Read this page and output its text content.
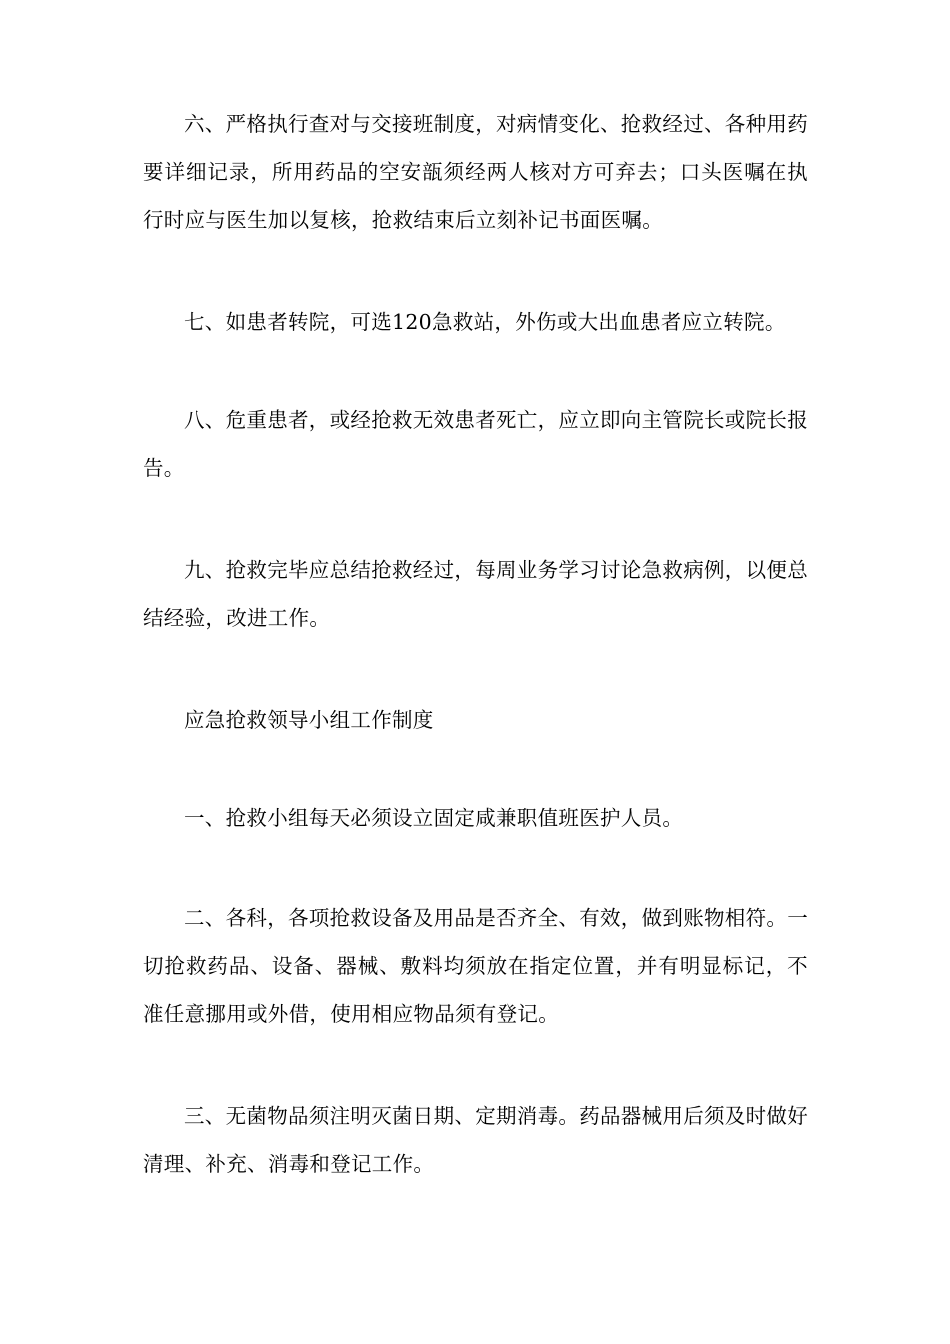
六、严格执行查对与交接班制度，对病情变化、抢救经过、各种用药要详细记录，所用药品的空安瓿须经两人核对方可弃去；口头医嘱在执行时应与医生加以复核，抢救结束后立刻补记书面医嘱。

七、如患者转院，可选120急救站，外伤或大出血患者应立转院。

八、危重患者，或经抢救无效患者死亡，应立即向主管院长或院长报告。

九、抢救完毕应总结抢救经过，每周业务学习讨论急救病例，以便总结经验，改进工作。

应急抢救领导小组工作制度

一、抢救小组每天必须设立固定咸兼职值班医护人员。

二、各科，各项抢救设备及用品是否齐全、有效，做到账物相符。一切抢救药品、设备、器械、敷料均须放在指定位置，并有明显标记，不准任意挪用或外借，使用相应物品须有登记。

三、无菌物品须注明灭菌日期、定期消毒。药品器械用后须及时做好清理、补充、消毒和登记工作。
